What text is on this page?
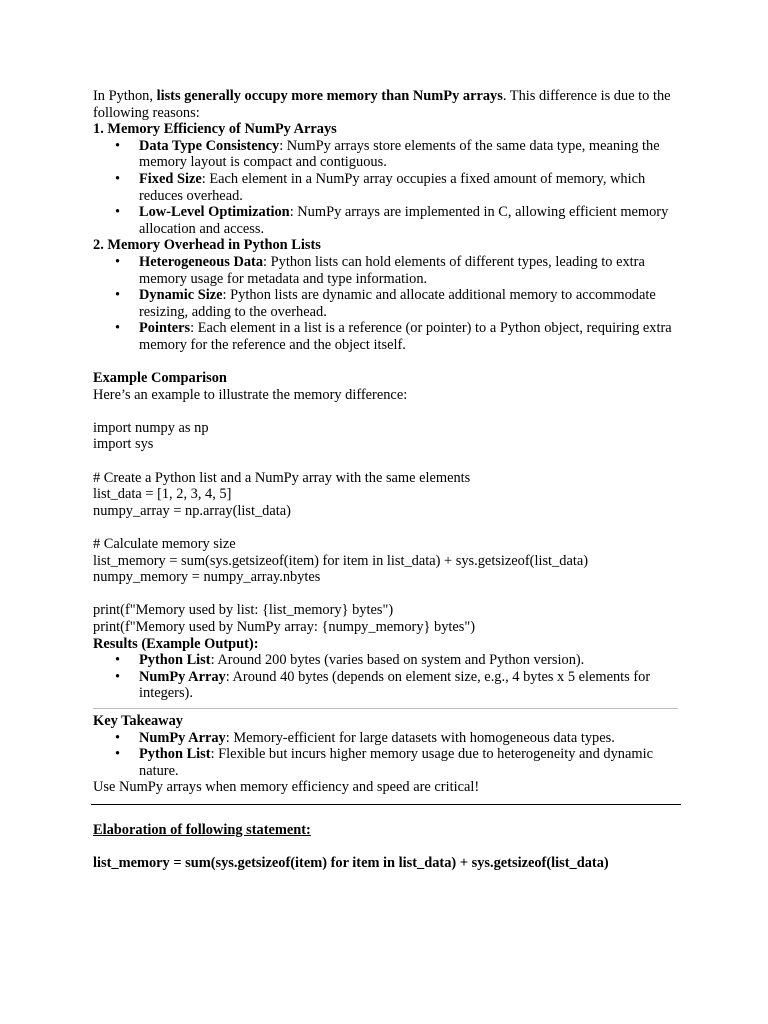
In Python, lists generally occupy more memory than NumPy arrays. This difference is due to the following reasons:

1. Memory Efficiency of NumPy Arrays

• Data Type Consistency: NumPy arrays store elements of the same data type, meaning the memory layout is compact and contiguous.
• Fixed Size: Each element in a NumPy array occupies a fixed amount of memory, which reduces overhead.
• Low-Level Optimization: NumPy arrays are implemented in C, allowing efficient memory allocation and access.

2. Memory Overhead in Python Lists

• Heterogeneous Data: Python lists can hold elements of different types, leading to extra memory usage for metadata and type information.
• Dynamic Size: Python lists are dynamic and allocate additional memory to accommodate resizing, adding to the overhead.
• Pointers: Each element in a list is a reference (or pointer) to a Python object, requiring extra memory for the reference and the object itself.

Example Comparison

Here’s an example to illustrate the memory difference:

import numpy as np

import sys

# Create a Python list and a NumPy array with the same elements

list_data = [1, 2, 3, 4, 5]

numpy_array = np.array(list_data)

# Calculate memory size

list_memory = sum(sys.getsizeof(item) for item in list_data) + sys.getsizeof(list_data)

numpy_memory = numpy_array.nbytes

print(f"Memory used by list: {list_memory} bytes")

print(f"Memory used by NumPy array: {numpy_memory} bytes")

Results (Example Output):

• Python List: Around 200 bytes (varies based on system and Python version).
• NumPy Array: Around 40 bytes (depends on element size, e.g., 4 bytes x 5 elements for integers).

Key Takeaway

• NumPy Array: Memory-efficient for large datasets with homogeneous data types.
• Python List: Flexible but incurs higher memory usage due to heterogeneity and dynamic nature.

Use NumPy arrays when memory efficiency and speed are critical!

Elaboration of following statement:

list_memory = sum(sys.getsizeof(item) for item in list_data) + sys.getsizeof(list_data)
